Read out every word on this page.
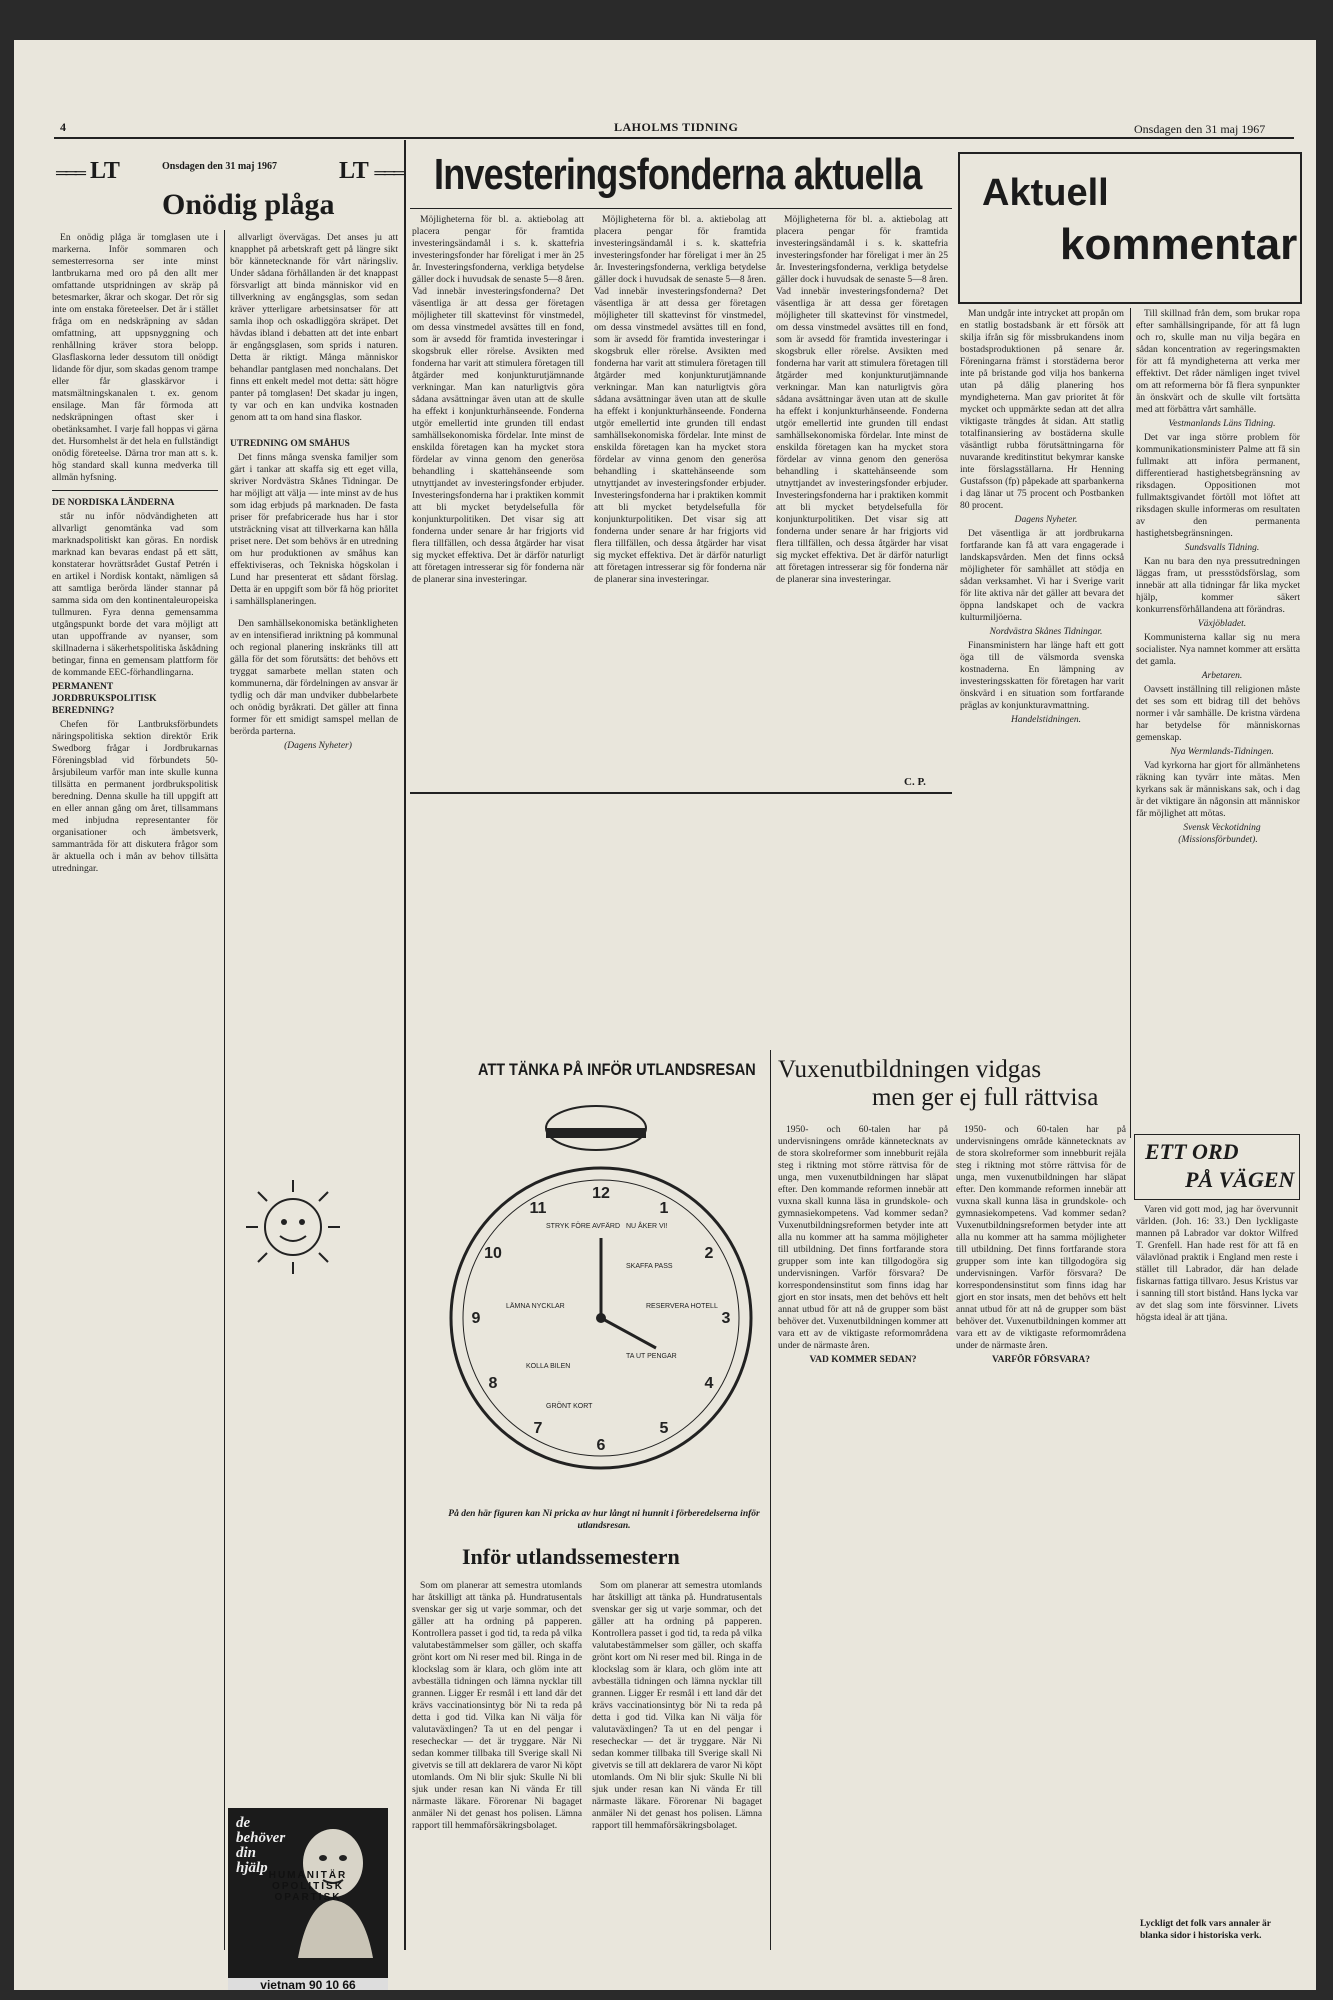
4	LAHOLMS TIDNING	Onsdagen den 31 maj 1967
═══ LT	Onsdagen den 31 maj 1967	LT ═══
Onödig plåga

En onödig plåga är tomglasen ute i markerna. Inför sommaren och semesterresorna ser inte minst lantbrukarna med oro på den allt mer omfattande utspridningen av skräp på betesmarker, åkrar och skogar. Det rör sig inte om enstaka företeelser. Det är i stället fråga om en nedskräpning av sådan omfattning, att uppsnyggning och renhållning kräver stora belopp. Glasflaskorna leder dessutom till onödigt lidande för djur, som skadas genom trampe eller får glasskärvor i matsmältningskanalen t. ex. genom ensilage. Man får förmoda att nedskräpningen oftast sker i obetänksamhet. I varje fall hoppas vi gärna det. Hursomhelst är det hela en fullständigt onödig företeelse. Därna tror man att s. k. hög standard skall kunna medverka till allmän hyfsning.

DE NORDISKA LÄNDERNA

står nu inför nödvändigheten att allvarligt genomtänka vad som marknadspolitiskt kan göras. En nordisk marknad kan bevaras endast på ett sätt, konstaterar hovrättsrådet Gustaf Petrén i en artikel i Nordisk kontakt, nämligen så att samtliga berörda länder stannar på samma sida om den kontinentaleuropeiska tullmuren. Fyra denna gemensamma utgångspunkt borde det vara möjligt att utan uppoffrande av nyanser, som skillnaderna i säkerhetspolitiska åskådning betingar, finna en gemensam plattform för de kommande EEC-förhandlingarna.

PERMANENT JORDBRUKSPOLITISK BEREDNING?

Chefen för Lantbruksförbundets näringspolitiska sektion direktör Erik Swedborg frågar i Jordbrukarnas Föreningsblad vid förbundets 50-årsjubileum varför man inte skulle kunna tillsätta en permanent jordbrukspolitisk beredning. Denna skulle ha till uppgift att en eller annan gång om året, tillsammans med inbjudna representanter för organisationer och ämbetsverk, sammanträda för att diskutera frågor som är aktuella och i mån av behov tillsätta utredningar.

allvarligt övervägas. Det anses ju att knapphet på arbetskraft gett på längre sikt bör kännetecknande för vårt näringsliv. Under sådana förhållanden är det knappast försvarligt att binda människor vid en tillverkning av engångsglas, som sedan kräver ytterligare arbetsinsatser för att samla ihop och oskadliggöra skräpet. Det hävdas ibland i debatten att det inte enbart är engångsglasen, som sprids i naturen. Detta är riktigt. Många människor behandlar pantglasen med nonchalans. Det finns ett enkelt medel mot detta: sätt högre panter på tomglasen! Det skadar ju ingen, ty var och en kan undvika kostnaden genom att ta om hand sina flaskor.

UTREDNING OM SMÅHUS

Det finns många svenska familjer som gärt i tankar att skaffa sig ett eget villa, skriver Nordvästra Skånes Tidningar. De har möjligt att välja — inte minst av de hus som idag erbjuds på marknaden. De fasta priser för prefabricerade hus har i stor utsträckning visat att tillverkarna kan hålla priset nere. Det som behövs är en utredning om hur produktionen av småhus kan effektiviseras, och Tekniska högskolan i Lund har presenterat ett sådant förslag. Detta är en uppgift som bör få hög prioritet i samhällsplaneringen.

Den samhällsekonomiska betänkligheten av en intensifierad inriktning på kommunal och regional planering inskränks till att gälla för det som förutsätts: det behövs ett tryggat samarbete mellan staten och kommunerna, där fördelningen av ansvar är tydlig och där man undviker dubbelarbete och onödig byråkrati. Det gäller att finna former för ett smidigt samspel mellan de berörda parterna.

(Dagens Nyheter)

de
behöver
din
hjälp
vietnam 90 10 66
HUMANITÄR
OPOLITISK
OPARTISK
Investeringsfonderna aktuella

Möjligheterna för bl. a. aktiebolag att placera pengar för framtida investeringsändamål i s. k. skattefria investeringsfonder har föreligat i mer än 25 år. Investeringsfonderna, verkliga betydelse gäller dock i huvudsak de senaste 5—8 åren. Vad innebär investeringsfonderna? Det väsentliga är att dessa ger företagen möjligheter till skattevinst för vinstmedel, om dessa vinstmedel avsättes till en fond, som är avsedd för framtida investeringar i skogsbruk eller rörelse. Avsikten med fonderna har varit att stimulera företagen till åtgärder med konjunkturutjämnande verkningar. Man kan naturligtvis göra sådana avsättningar även utan att de skulle ha effekt i konjunkturhänseende. Fonderna utgör emellertid inte grunden till endast samhällsekonomiska fördelar. Inte minst de enskilda företagen kan ha mycket stora fördelar av vinna genom den generösa behandling i skattehänseende som utnyttjandet av investeringsfonder erbjuder. Investeringsfonderna har i praktiken kommit att bli mycket betydelsefulla för konjunkturpolitiken. Det visar sig att fonderna under senare år har frigjorts vid flera tillfällen, och dessa åtgärder har visat sig mycket effektiva. Det är därför naturligt att företagen intresserar sig för fonderna när de planerar sina investeringar.

Möjligheterna för bl. a. aktiebolag att placera pengar för framtida investeringsändamål i s. k. skattefria investeringsfonder har föreligat i mer än 25 år. Investeringsfonderna, verkliga betydelse gäller dock i huvudsak de senaste 5—8 åren. Vad innebär investeringsfonderna? Det väsentliga är att dessa ger företagen möjligheter till skattevinst för vinstmedel, om dessa vinstmedel avsättes till en fond, som är avsedd för framtida investeringar i skogsbruk eller rörelse. Avsikten med fonderna har varit att stimulera företagen till åtgärder med konjunkturutjämnande verkningar. Man kan naturligtvis göra sådana avsättningar även utan att de skulle ha effekt i konjunkturhänseende. Fonderna utgör emellertid inte grunden till endast samhällsekonomiska fördelar. Inte minst de enskilda företagen kan ha mycket stora fördelar av vinna genom den generösa behandling i skattehänseende som utnyttjandet av investeringsfonder erbjuder. Investeringsfonderna har i praktiken kommit att bli mycket betydelsefulla för konjunkturpolitiken. Det visar sig att fonderna under senare år har frigjorts vid flera tillfällen, och dessa åtgärder har visat sig mycket effektiva. Det är därför naturligt att företagen intresserar sig för fonderna när de planerar sina investeringar.

Möjligheterna för bl. a. aktiebolag att placera pengar för framtida investeringsändamål i s. k. skattefria investeringsfonder har föreligat i mer än 25 år. Investeringsfonderna, verkliga betydelse gäller dock i huvudsak de senaste 5—8 åren. Vad innebär investeringsfonderna? Det väsentliga är att dessa ger företagen möjligheter till skattevinst för vinstmedel, om dessa vinstmedel avsättes till en fond, som är avsedd för framtida investeringar i skogsbruk eller rörelse. Avsikten med fonderna har varit att stimulera företagen till åtgärder med konjunkturutjämnande verkningar. Man kan naturligtvis göra sådana avsättningar även utan att de skulle ha effekt i konjunkturhänseende. Fonderna utgör emellertid inte grunden till endast samhällsekonomiska fördelar. Inte minst de enskilda företagen kan ha mycket stora fördelar av vinna genom den generösa behandling i skattehänseende som utnyttjandet av investeringsfonder erbjuder. Investeringsfonderna har i praktiken kommit att bli mycket betydelsefulla för konjunkturpolitiken. Det visar sig att fonderna under senare år har frigjorts vid flera tillfällen, och dessa åtgärder har visat sig mycket effektiva. Det är därför naturligt att företagen intresserar sig för fonderna när de planerar sina investeringar.

C. P.
Aktuell
kommentar

Man undgår inte intrycket att propån om en statlig bostadsbank är ett försök att skilja ifrån sig för missbrukandens inom bostadsproduktionen på senare år. Föreningarna främst i storstäderna beror inte på bristande god vilja hos bankerna utan på dålig planering hos myndigheterna. Man gav prioritet åt för mycket och uppmärkte sedan att det allra viktigaste trängdes åt sidan. Att statlig totalfinansiering av bostäderna skulle väsäntligt rubba förutsättningarna för nuvarande kreditinstitut bekymrar kanske inte förslagsställarna. Hr Henning Gustafsson (fp) påpekade att sparbankerna i dag länar ut 75 procent och Postbanken 80 procent.

Dagens Nyheter.

Det väsentliga är att jordbrukarna fortfarande kan få att vara engagerade i landskapsvården. Men det finns också möjligheter för samhället att stödja en sådan verksamhet. Vi har i Sverige varit för lite aktiva när det gäller att bevara det öppna landskapet och de vackra kulturmiljöerna.

Nordvästra Skånes Tidningar.

Finansministern har länge haft ett gott öga till de välsmorda svenska kostnaderna. En lämpning av investeringsskatten för företagen har varit önskvärd i en situation som fortfarande präglas av konjunkturavmattning.

Handelstidningen.

Till skillnad från dem, som brukar ropa efter samhällsingripande, för att få lugn och ro, skulle man nu vilja begära en sådan koncentration av regeringsmakten för att få myndigheterna att verka mer effektivt. Det råder nämligen inget tvivel om att reformerna bör få flera synpunkter än önskvärt och de skulle vilt fortsätta med att förbättra vårt samhälle.

Vestmanlands Läns Tidning.

Det var inga större problem för kommunikationsministerr Palme att få sin fullmakt att införa permanent, differentierad hastighetsbegränsning av riksdagen. Oppositionen mot fullmaktsgivandet förtöll mot löftet att riksdagen skulle informeras om resultaten av den permanenta hastighetsbegränsningen.

Sundsvalls Tidning.

Kan nu bara den nya pressutredningen läggas fram, ut pressstödsförslag, som innebär att alla tidningar får lika mycket hjälp, kommer säkert konkurrensförhållandena att förändras.

Växjöbladet.

Kommunisterna kallar sig nu mera socialister. Nya namnet kommer att ersätta det gamla.

Arbetaren.

Oavsett inställning till religionen måste det ses som ett bidrag till det behövs normer i vår samhälle. De kristna värdena har betydelse för människornas gemenskap.

Nya Wermlands-Tidningen.

Vad kyrkorna har gjort för allmänhetens räkning kan tyvärr inte mätas. Men kyrkans sak är människans sak, och i dag är det viktigare än någonsin att människor får möjlighet att mötas.

Svensk Veckotidning (Missionsförbundet).

ETT ORD
PÅ VÄGEN

Varen vid gott mod, jag har övervunnit världen. (Joh. 16: 33.) Den lyckligaste mannen på Labrador var doktor Wilfred T. Grenfell. Han hade rest för att få en välavlönad praktik i England men reste i stället till Labrador, där han delade fiskarnas fattiga tillvaro. Jesus Kristus var i sanning till stort bistånd. Hans lycka var av det slag som inte försvinner. Livets högsta ideal är att tjäna.

Lyckligt det folk vars annaler är blanka sidor i historiska verk.
ATT TÄNKA PÅ INFÖR UTLANDSRESAN
12
1
2
3
4
5
6
7
8
9
10
11
STRYK FÖRE AVFÄRD NU ÅKER VI!
SKAFFA PASS
RESERVERA HOTELL
TA UT PENGAR
KOLLA BILEN
LÄMNA NYCKLAR
GRÖNT KORT
På den här figuren kan Ni pricka av hur långt ni hunnit i förberedelserna inför utlandsresan.
Inför utlandssemestern

Som om planerar att semestra utomlands har åtskilligt att tänka på. Hundratusentals svenskar ger sig ut varje sommar, och det gäller att ha ordning på papperen. Kontrollera passet i god tid, ta reda på vilka valutabestämmelser som gäller, och skaffa grönt kort om Ni reser med bil. Ringa in de klockslag som är klara, och glöm inte att avbeställa tidningen och lämna nycklar till grannen. Ligger Er resmål i ett land där det krävs vaccinationsintyg bör Ni ta reda på detta i god tid. Vilka kan Ni välja för valutaväxlingen? Ta ut en del pengar i resecheckar — det är tryggare. När Ni sedan kommer tillbaka till Sverige skall Ni givetvis se till att deklarera de varor Ni köpt utomlands. Om Ni blir sjuk: Skulle Ni bli sjuk under resan kan Ni vända Er till närmaste läkare. Förorenar Ni bagaget anmäler Ni det genast hos polisen. Lämna rapport till hemmaförsäkringsbolaget.

Som om planerar att semestra utomlands har åtskilligt att tänka på. Hundratusentals svenskar ger sig ut varje sommar, och det gäller att ha ordning på papperen. Kontrollera passet i god tid, ta reda på vilka valutabestämmelser som gäller, och skaffa grönt kort om Ni reser med bil. Ringa in de klockslag som är klara, och glöm inte att avbeställa tidningen och lämna nycklar till grannen. Ligger Er resmål i ett land där det krävs vaccinationsintyg bör Ni ta reda på detta i god tid. Vilka kan Ni välja för valutaväxlingen? Ta ut en del pengar i resecheckar — det är tryggare. När Ni sedan kommer tillbaka till Sverige skall Ni givetvis se till att deklarera de varor Ni köpt utomlands. Om Ni blir sjuk: Skulle Ni bli sjuk under resan kan Ni vända Er till närmaste läkare. Förorenar Ni bagaget anmäler Ni det genast hos polisen. Lämna rapport till hemmaförsäkringsbolaget.

Vuxenutbildningen vidgas
men ger ej full rättvisa

1950- och 60-talen har på undervisningens område kännetecknats av de stora skolreformer som innebburit rejäla steg i riktning mot större rättvisa för de unga, men vuxenutbildningen har släpat efter. Den kommande reformen innebär att vuxna skall kunna läsa in grundskole- och gymnasiekompetens. Vad kommer sedan? Vuxenutbildningsreformen betyder inte att alla nu kommer att ha samma möjligheter till utbildning. Det finns fortfarande stora grupper som inte kan tillgodogöra sig undervisningen. Varför försvara? De korrespondensinstitut som finns idag har gjort en stor insats, men det behövs ett helt annat utbud för att nå de grupper som bäst behöver det. Vuxenutbildningen kommer att vara ett av de viktigaste reformområdena under de närmaste åren.

VAD KOMMER SEDAN?

1950- och 60-talen har på undervisningens område kännetecknats av de stora skolreformer som innebburit rejäla steg i riktning mot större rättvisa för de unga, men vuxenutbildningen har släpat efter. Den kommande reformen innebär att vuxna skall kunna läsa in grundskole- och gymnasiekompetens. Vad kommer sedan? Vuxenutbildningsreformen betyder inte att alla nu kommer att ha samma möjligheter till utbildning. Det finns fortfarande stora grupper som inte kan tillgodogöra sig undervisningen. Varför försvara? De korrespondensinstitut som finns idag har gjort en stor insats, men det behövs ett helt annat utbud för att nå de grupper som bäst behöver det. Vuxenutbildningen kommer att vara ett av de viktigaste reformområdena under de närmaste åren.

VARFÖR FÖRSVARA?
